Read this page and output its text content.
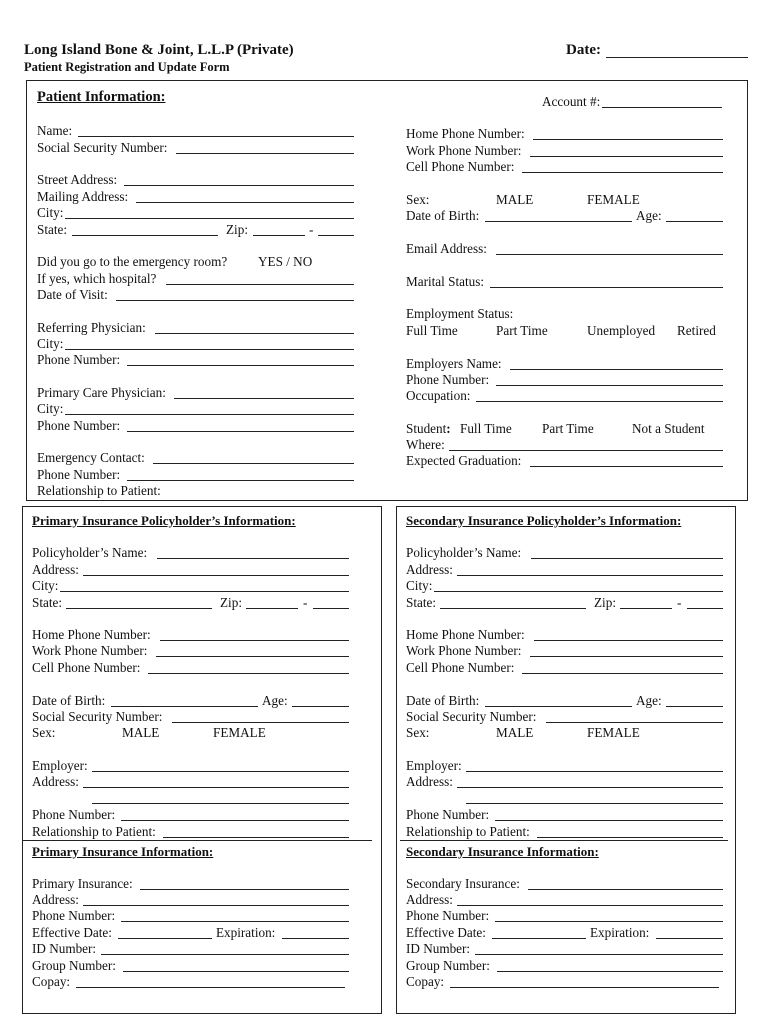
Long Island Bone & Joint, L.L.P (Private)
Patient Registration and Update Form
Date:
Patient Information:	Account #:
Name:
Social Security Number:
Street Address:
Mailing Address:
City:
State:	Zip:	-
Did you go to the emergency room? YES / NO
If yes, which hospital?
Date of Visit:
Referring Physician:
City:
Phone Number:
Primary Care Physician:
City:
Phone Number:
Emergency Contact:
Phone Number:
Relationship to Patient:
Home Phone Number:
Work Phone Number:
Cell Phone Number:
Sex:	MALE	FEMALE
Date of Birth:	Age:
Email Address:
Marital Status:
Employment Status:
Full Time	Part Time	Unemployed Retired
Employers Name:
Phone Number:
Occupation:
Student: Full Time Part Time	Not a Student
Where:
Expected Graduation:
Primary Insurance Policyholder’s Information:
Policyholder’s Name:
Address:
City:
State:	Zip:	-
Home Phone Number:
Work Phone Number:
Cell Phone Number:
Date of Birth:	Age:
Social Security Number:
Sex:	MALE	FEMALE
Employer:
Address:
Phone Number:
Relationship to Patient:
Primary Insurance Information:
Primary Insurance:
Address:
Phone Number:
Effective Date:	Expiration:
ID Number:
Group Number:
Copay:
Secondary Insurance Policyholder’s Information:
Policyholder’s Name:
Address:
City:
State:	Zip:	-
Home Phone Number:
Work Phone Number:
Cell Phone Number:
Date of Birth:	Age:
Social Security Number:
Sex:	MALE	FEMALE
Employer:
Address:
Phone Number:
Relationship to Patient:
Secondary Insurance Information:
Secondary Insurance:
Address:
Phone Number:
Effective Date:	Expiration:
ID Number:
Group Number:
Copay:
